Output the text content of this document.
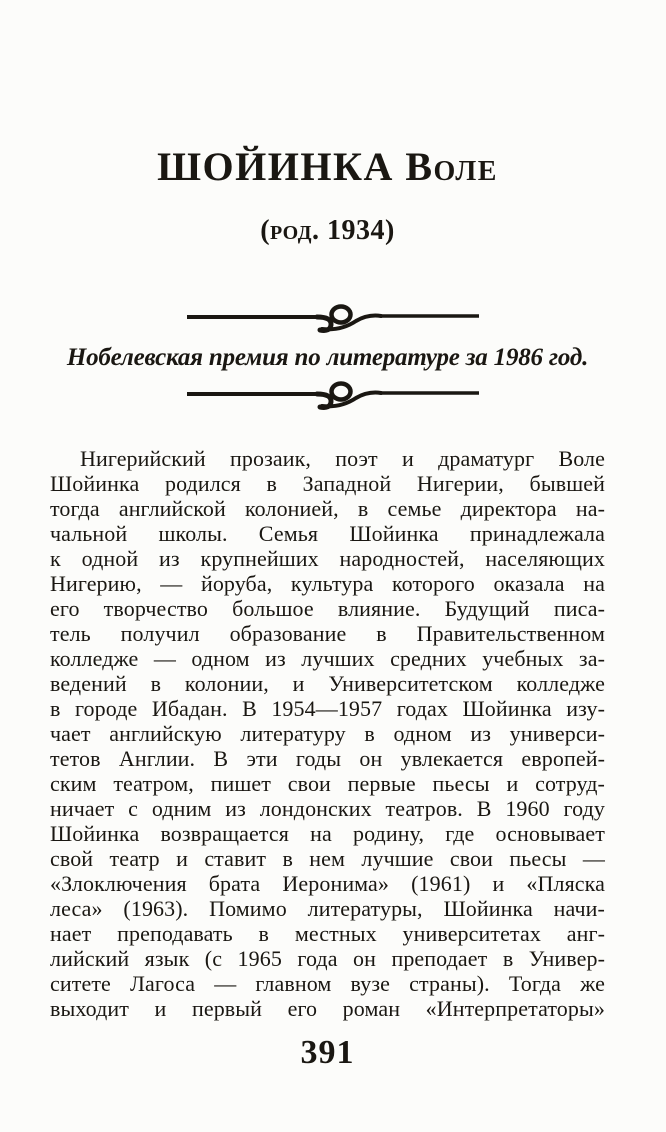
ШОЙИНКА Воле
(род. 1934)
Нобелевская премия по литературе за 1986 год.
Нигерийский прозаик, поэт и драматург Воле
Шойинка родился в Западной Нигерии, бывшей
тогда английской колонией, в семье директора на-
чальной школы. Семья Шойинка принадлежала
к одной из крупнейших народностей, населяющих
Нигерию, — йоруба, культура которого оказала на
его творчество большое влияние. Будущий писа-
тель получил образование в Правительственном
колледже — одном из лучших средних учебных за-
ведений в колонии, и Университетском колледже
в городе Ибадан. В 1954—1957 годах Шойинка изу-
чает английскую литературу в одном из универси-
тетов Англии. В эти годы он увлекается европей-
ским театром, пишет свои первые пьесы и сотруд-
ничает с одним из лондонских театров. В 1960 году
Шойинка возвращается на родину, где основывает
свой театр и ставит в нем лучшие свои пьесы —
«Злоключения брата Иеронима» (1961) и «Пляска
леса» (1963). Помимо литературы, Шойинка начи-
нает преподавать в местных университетах анг-
лийский язык (с 1965 года он преподает в Универ-
ситете Лагоса — главном вузе страны). Тогда же
выходит и первый его роман «Интерпретаторы»
391
